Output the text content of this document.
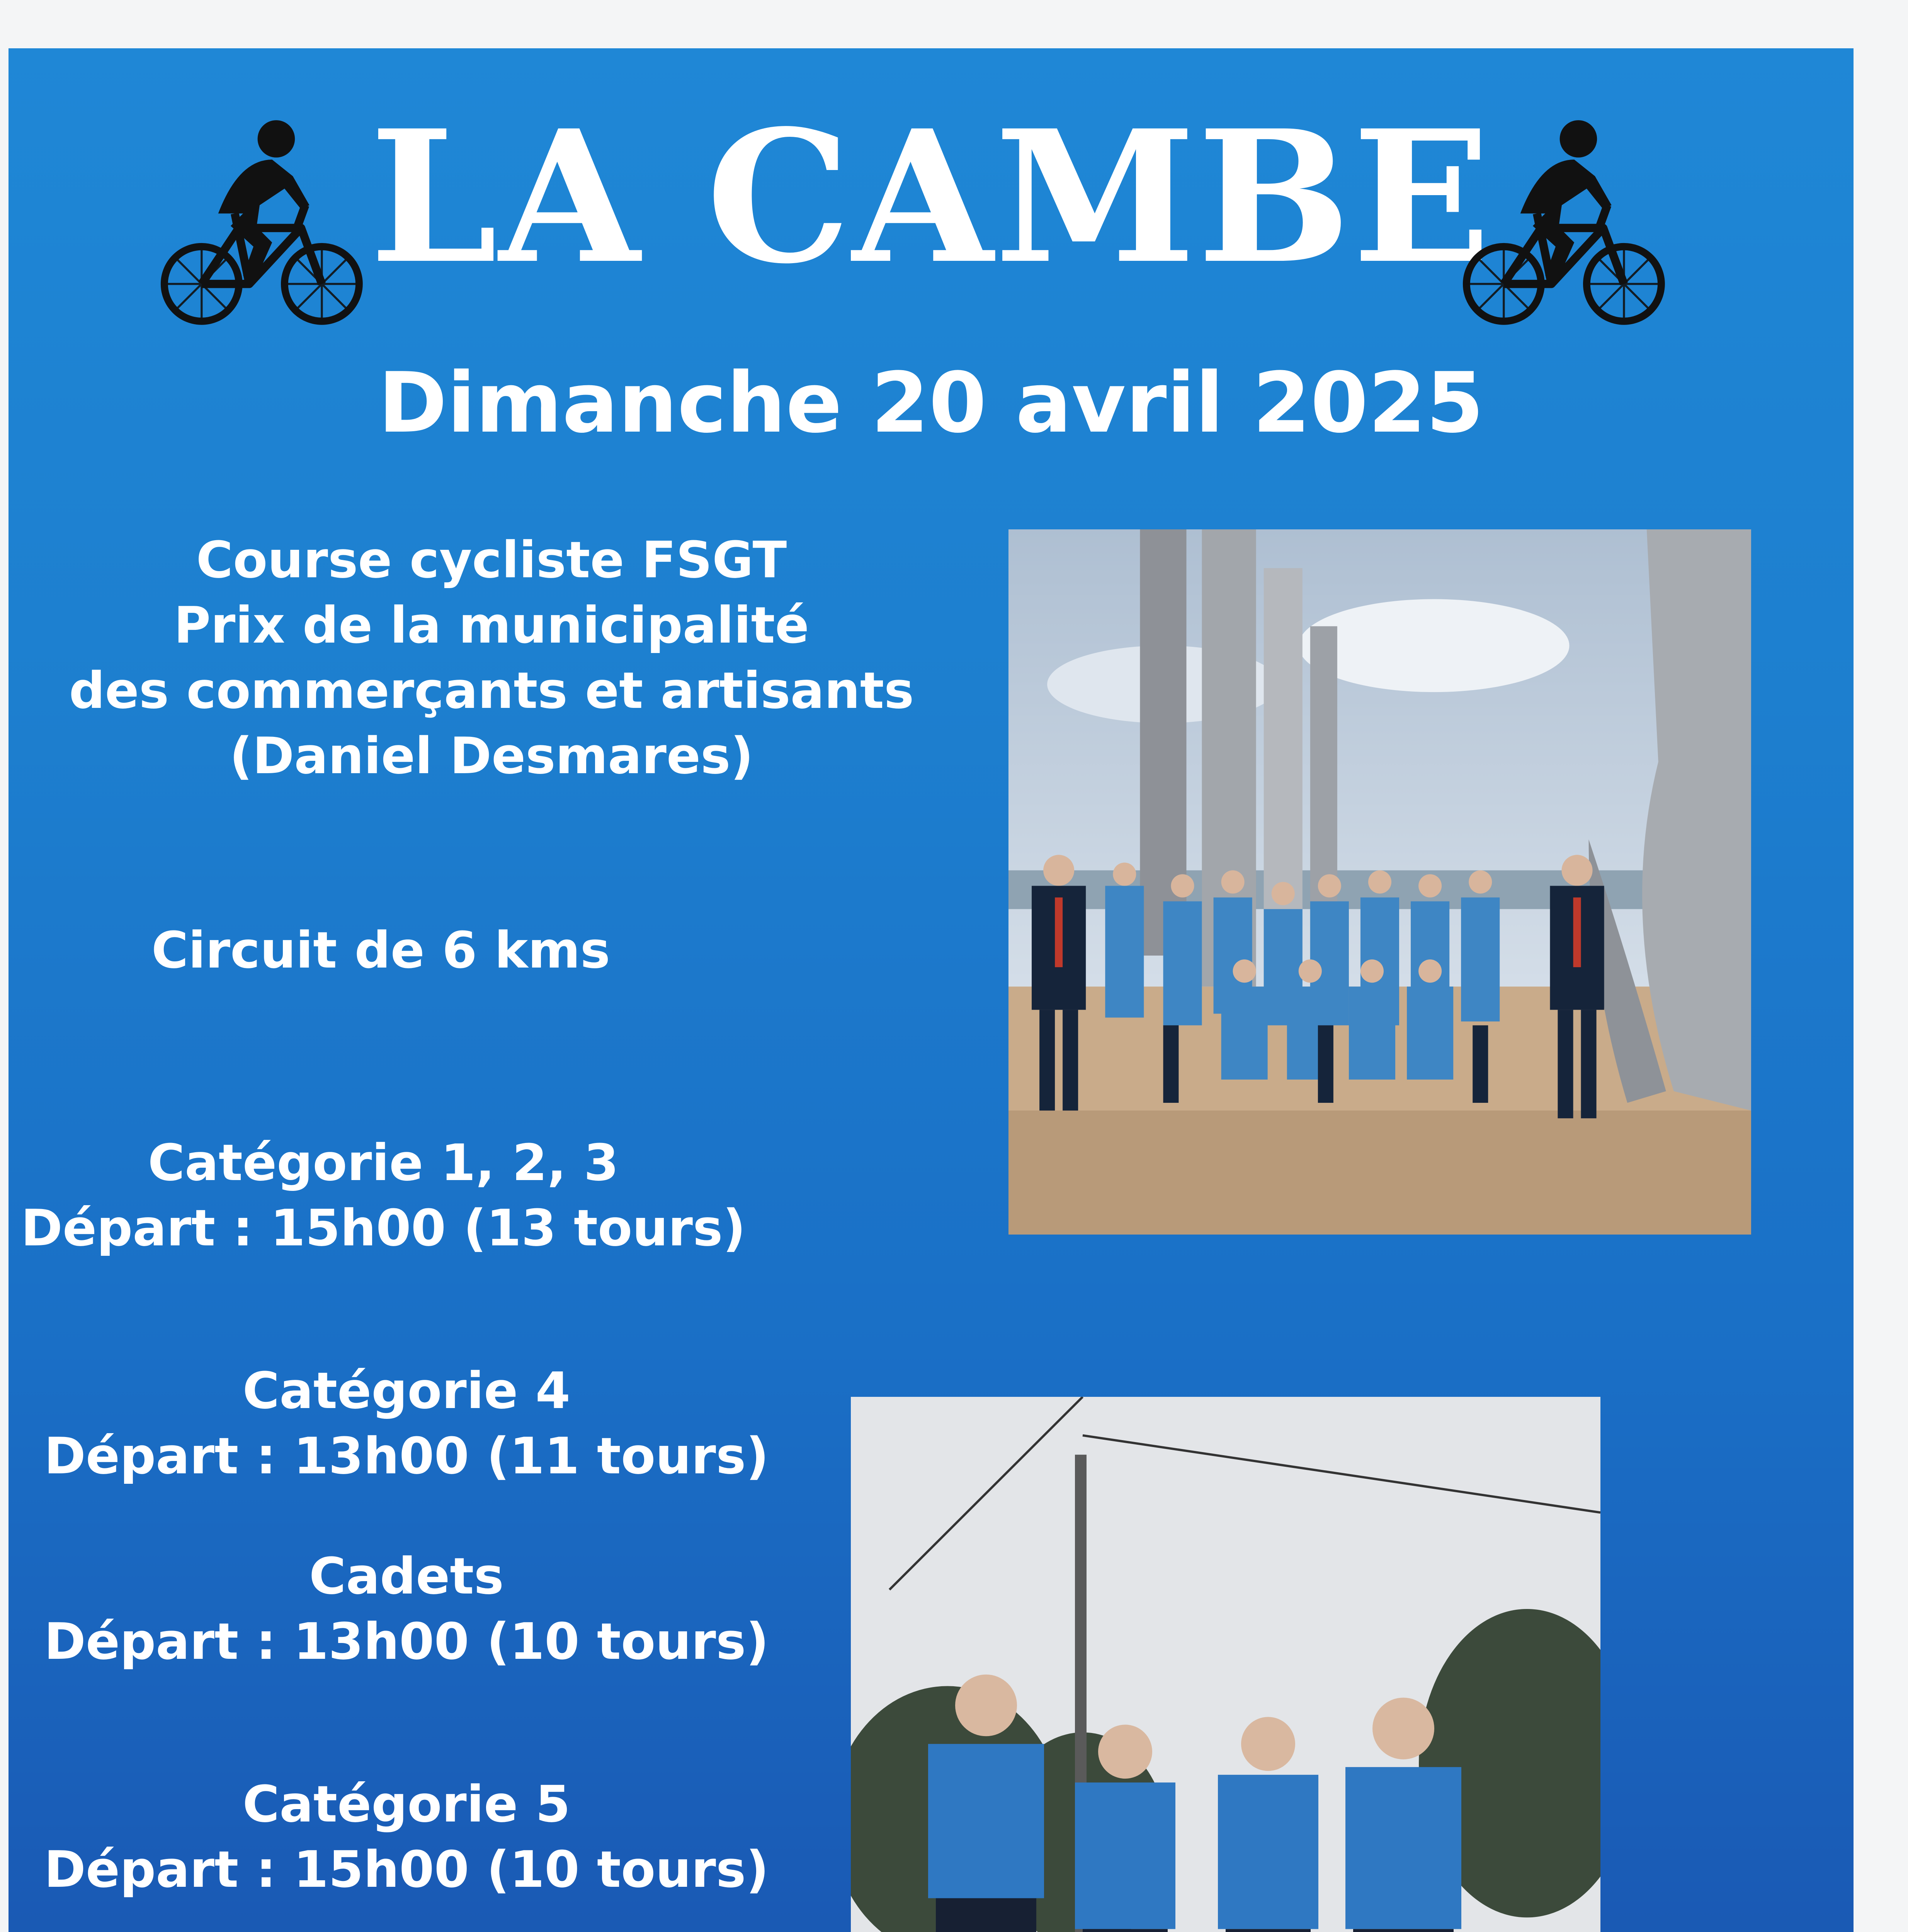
LA CAMBE
Dimanche 20 avril 2025
Course cycliste FSGT
Prix de la municipalité
des commerçants et artisants
(Daniel Desmares)
Circuit de 6 kms
Catégorie 1, 2, 3
Départ : 15h00 (13 tours)
Catégorie 4
Départ : 13h00 (11 tours)
Cadets
Départ : 13h00 (10 tours)
Catégorie 5
Départ : 15h00 (10 tours)
